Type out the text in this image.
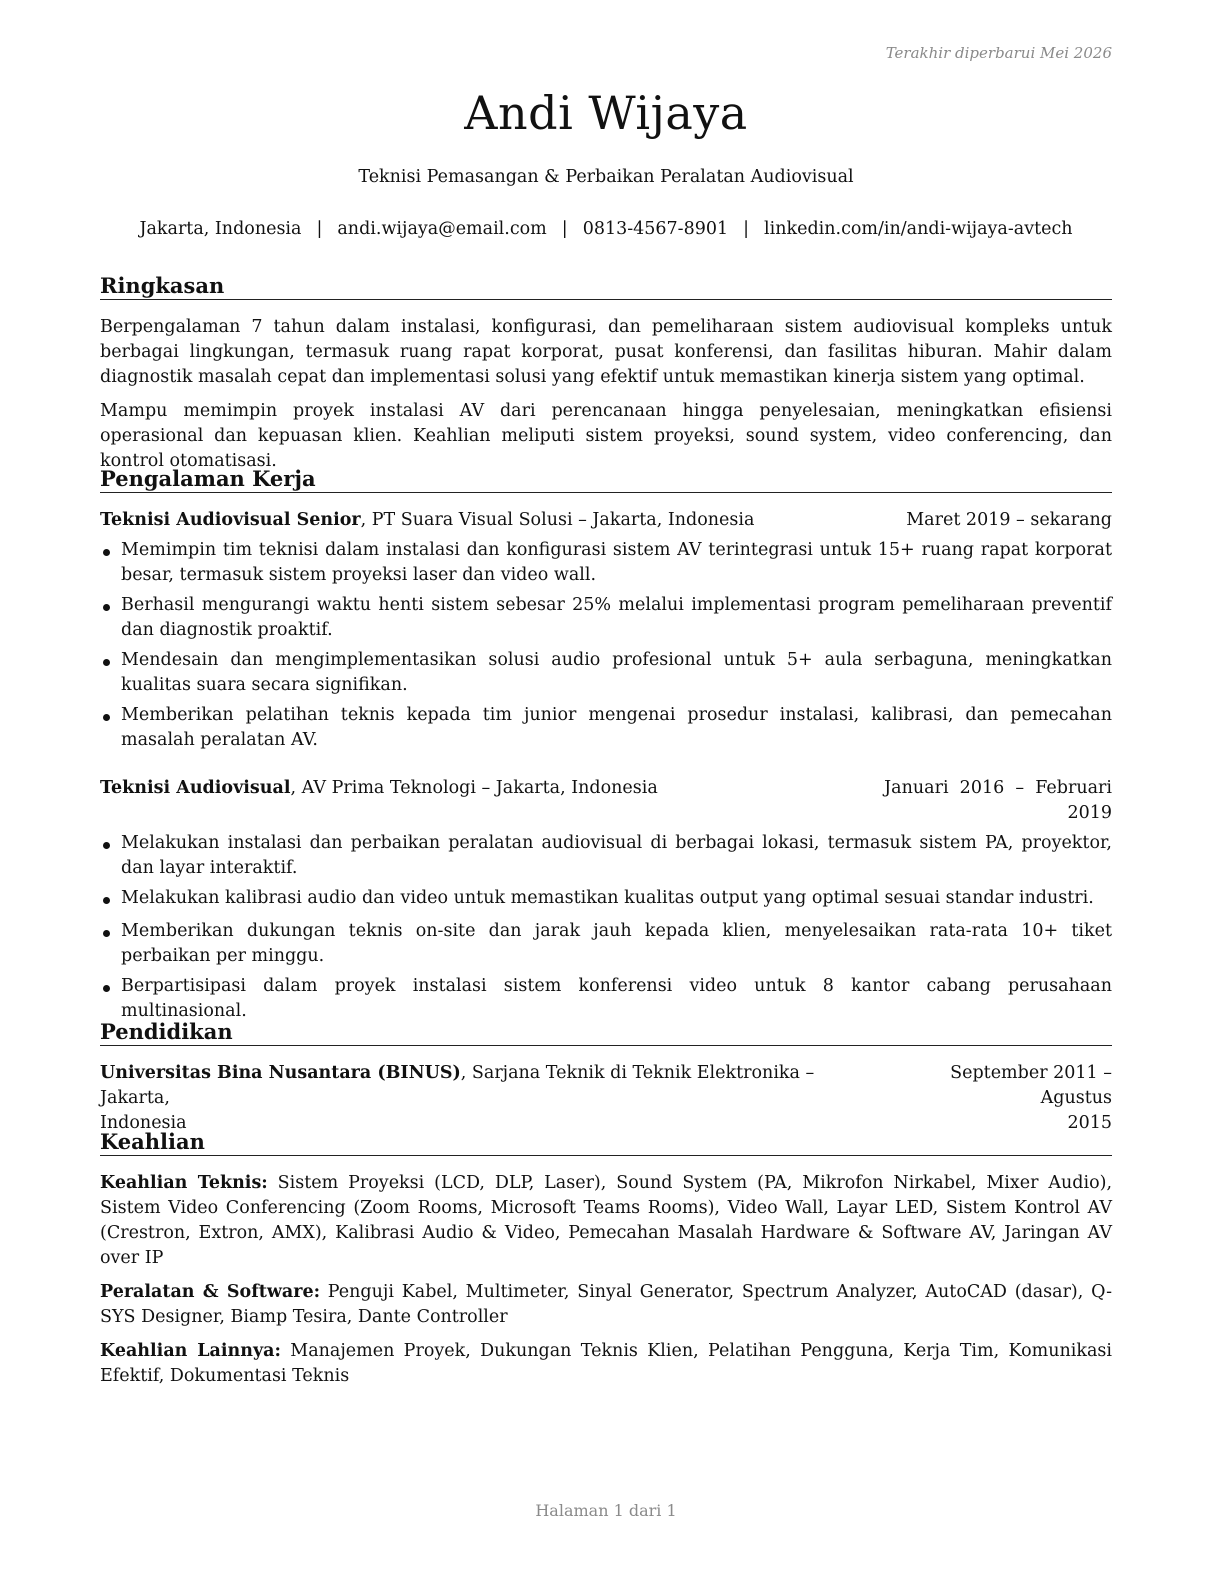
Terakhir diperbarui Mei 2026
Andi Wijaya
Teknisi Pemasangan & Perbaikan Peralatan Audiovisual
Jakarta, Indonesia | andi.wijaya@email.com | 0813-4567-8901 | linkedin.com/in/andi-wijaya-avtech
Ringkasan

Berpengalaman 7 tahun dalam instalasi, konfigurasi, dan pemeliharaan sistem audiovisual kompleks untuk berbagai lingkungan, termasuk ruang rapat korporat, pusat konferensi, dan fasilitas hiburan. Mahir dalam diagnostik masalah cepat dan implementasi solusi yang efektif untuk memastikan kinerja sistem yang optimal.

Mampu memimpin proyek instalasi AV dari perencanaan hingga penyelesaian, meningkatkan efisiensi operasional dan kepuasan klien. Keahlian meliputi sistem proyeksi, sound system, video conferencing, dan kontrol otomatisasi.

Pengalaman Kerja
Teknisi Audiovisual Senior, PT Suara Visual Solusi – Jakarta, Indonesia	Maret 2019 – sekarang
Memimpin tim teknisi dalam instalasi dan konfigurasi sistem AV terintegrasi untuk 15+ ruang rapat korporat besar, termasuk sistem proyeksi laser dan video wall.
Berhasil mengurangi waktu henti sistem sebesar 25% melalui implementasi program pemeliharaan preventif dan diagnostik proaktif.
Mendesain dan mengimplementasikan solusi audio profesional untuk 5+ aula serbaguna, meningkatkan kualitas suara secara signifikan.
Memberikan pelatihan teknis kepada tim junior mengenai prosedur instalasi, kalibrasi, dan pemecahan masalah peralatan AV.
Teknisi Audiovisual, AV Prima Teknologi – Jakarta, Indonesia	Januari  2016  –  Februari
2019
Melakukan instalasi dan perbaikan peralatan audiovisual di berbagai lokasi, termasuk sistem PA, proyektor, dan layar interaktif.
Melakukan kalibrasi audio dan video untuk memastikan kualitas output yang optimal sesuai standar industri.
Memberikan dukungan teknis on-site dan jarak jauh kepada klien, menyelesaikan rata-rata 10+ tiket perbaikan per minggu.
Berpartisipasi dalam proyek instalasi sistem konferensi video untuk 8 kantor cabang perusahaan multinasional.
Pendidikan
Universitas Bina Nusantara (BINUS), Sarjana Teknik di Teknik Elektronika – Jakarta,
Indonesia
September 2011 – Agustus
2015
Keahlian

Keahlian Teknis: Sistem Proyeksi (LCD, DLP, Laser), Sound System (PA, Mikrofon Nirkabel, Mixer Audio), Sistem Video Conferencing (Zoom Rooms, Microsoft Teams Rooms), Video Wall, Layar LED, Sistem Kontrol AV (Crestron, Extron, AMX), Kalibrasi Audio & Video, Pemecahan Masalah Hardware & Software AV, Jaringan AV over IP

Peralatan & Software: Penguji Kabel, Multimeter, Sinyal Generator, Spectrum Analyzer, AutoCAD (dasar), Q-SYS Designer, Biamp Tesira, Dante Controller

Keahlian Lainnya: Manajemen Proyek, Dukungan Teknis Klien, Pelatihan Pengguna, Kerja Tim, Komunikasi Efektif, Dokumentasi Teknis

Halaman 1 dari 1
